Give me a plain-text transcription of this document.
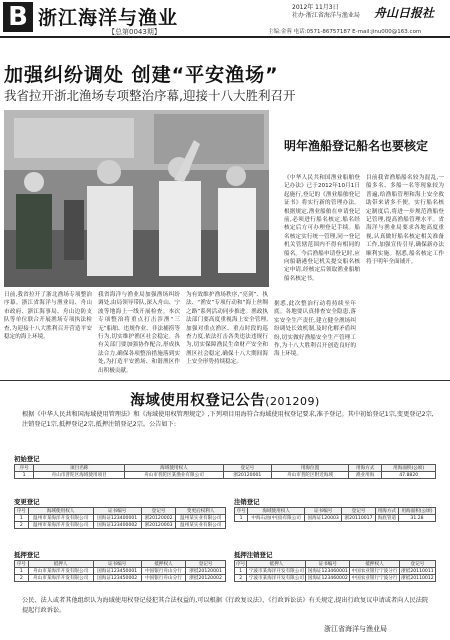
B 浙江海洋与渔业
【总第0043期】
2012年 11月3日
社办·浙江省海洋与渔业局 舟山日报社
主编:金蓉 电话:0571-86757187 E-mail:jinu000@163.com
加强纠纷调处 创建“平安渔场”
我省拉开浙北渔场专项整治序幕,迎接十八大胜利召开
日前,我省拉开了浙北渔场专项整治序幕。浙江省海洋与渔业局、舟山市政府、浙江海事局、舟山边防支队等单位联合开展渔场专项执法检查,为迎接十八大胜利召开营造平安稳定的海上环境。
我省海洋与渔业局加强渔场纠纷调处,由局领导带队,深入舟山、宁波等地海上一线开展检查。本次专项整治将重点打击涉渔“三无”船舶、违规作业、非法捕捞等行为,切实维护渔区社会稳定。各有关部门要加强协作配合,形成执法合力,确保各项整治措施落到实处,为打造平安渔场、和谐渔区作出积极贡献。
为有效维护渔场秩序,“亮剑”、执法、“渔安”专项行动和“海上丝绸之路”系列活动同步推进。渔政执法部门要高度重视海上安全管理,加强对重点渔区、重点时段的巡查力度,依法打击各类违法违规行为,切实保障渔民生命财产安全和渔区社会稳定,确保十八大期间海上安全形势持续稳定。
据悉,此次整治行动将持续至年底。各地要认真排查安全隐患,落实安全生产责任,建立健全渔场纠纷调处长效机制,及时化解矛盾纠纷,切实做好渔船安全生产管理工作,为十八大胜利召开创造良好的海上环境。
明年渔船登记船名也要核定
《中华人民共和国渔业船舶登记办法》已于2012年10月1日起施行,登记的《渔业船舶登记证书》将实行新的管理办法。根据规定,渔业船舶在申请登记前,必须进行船名核定,船名经核定后方可办理登记手续。船名核定实行统一管理,同一登记机关管辖范围内不得有相同的船名。今后渔船申请登记时,应向船籍港登记机关提交船名核定申请,经核定后领取渔业船舶船名核定书。
目前我省渔船船名较为混乱,一船多名、多船一名等现象较为普遍,给渔船管理和海上安全救助带来诸多不便。实行船名核定制度后,将进一步规范渔船登记管理,提高渔船管理水平。省海洋与渔业局要求各地高度重视,认真做好船名核定相关准备工作,加强宣传引导,确保新办法顺利实施。据悉,船名核定工作将于明年全面铺开。
海域使用权登记公告(201209)
根据《中华人民共和国海域使用管理法》和《海域使用权管理规定》,下列项目用海符合海域使用权登记要求,准予登记。其中初始登记1宗,变更登记2宗,注销登记1宗,抵押登记2宗,抵押注销登记2宗。公告如下:
初始登记
序号	项目名称	海域使用权人	登记号	用海位置	用海方式	用海面积(公顷)
1	舟山市普陀区海域使用项目	舟山市普陀区某渔业有限公司	浙20120001	舟山市普陀区附近海域	渔业用海	47.8820
变更登记
序号	海域使用权人	证书编号	登记号	变更后权利人
1	温州市某海洋开发有限公司	国海证123400001	浙20120002	温州某实业有限公司
2	温州市某海洋开发有限公司	国海证123400002	浙20120003	温州某实业有限公司
注销登记
序号	海域使用权人	证书编号	登记号	用海方式	用海面积(公顷)
1	中海石油(中国)有限公司	国海证120003	浙20110017	海底管道	31.28
抵押登记
序号	抵押人	证书编号	抵押权人	登记号
1	舟山市某海洋开发有限公司	国海证123450001	中国银行舟山分行	浙抵20120001
2	舟山市某海洋开发有限公司	国海证123450002	中国银行舟山分行	浙抵20120002
抵押注销登记
序号	抵押人	证书编号	抵押权人	登记号
1	宁波市某海洋开发有限公司	国海证123460001	中国农业银行宁波分行	浙抵20110011
2	宁波市某海洋开发有限公司	国海证123460002	中国农业银行宁波分行	浙抵20110012
公民、法人或者其他组织认为海域使用权登记侵犯其合法权益的,可以根据《行政复议法》、《行政诉讼法》有关规定,提出行政复议申请或者向人民法院提起行政诉讼。
浙江省海洋与渔业局
